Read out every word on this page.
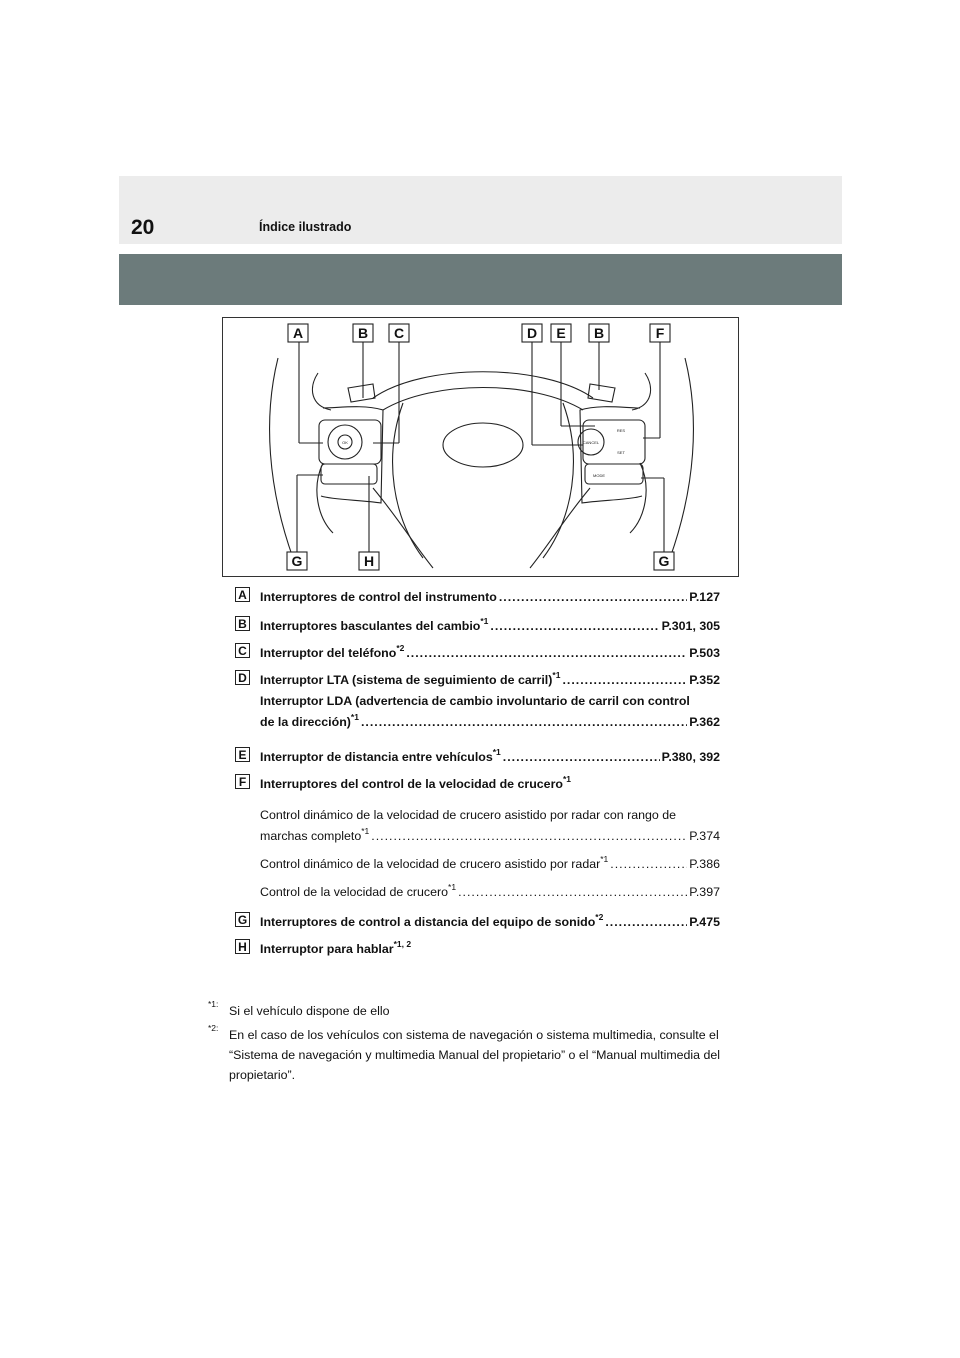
20	Índice ilustrado
A	B C	D E B	F
G	H	G
OK	CANCEL
RES
SET
MODE
A Interruptores de control del instrumento .....	P.127
B Interruptores basculantes del cambio$^{*1}$ .....	P.301, 305
C Interruptor del teléfono$^{*2}$ .....	P.503
D Interruptor LTA (sistema de seguimiento de carril)$^{*1}$ .....	P.352
Interruptor LDA (advertencia de cambio involuntario de carril con control
de la dirección)$^{*1}$ .....	P.362
E Interruptor de distancia entre vehículos$^{*1}$ .....	P.380, 392
F	Interruptores del control de la velocidad de crucero$^{*1}$
Control dinámico de la velocidad de crucero asistido por radar con rango de
marchas completo$^{*1}$ .....	P.374
Control dinámico de la velocidad de crucero asistido por radar$^{*1}$ .....	P.386
Control de la velocidad de crucero$^{*1}$ .....	P.397
G Interruptores de control a distancia del equipo de sonido$^{*2}$ .....	P.475
H Interruptor para hablar$^{*1, 2}$
*1: Si el vehículo dispone de ello
*2: En el caso de los vehículos con sistema de navegación o sistema multimedia, consulte el “Sistema de navegación y multimedia Manual del propietario” o el “Manual multimedia del propietario”.
